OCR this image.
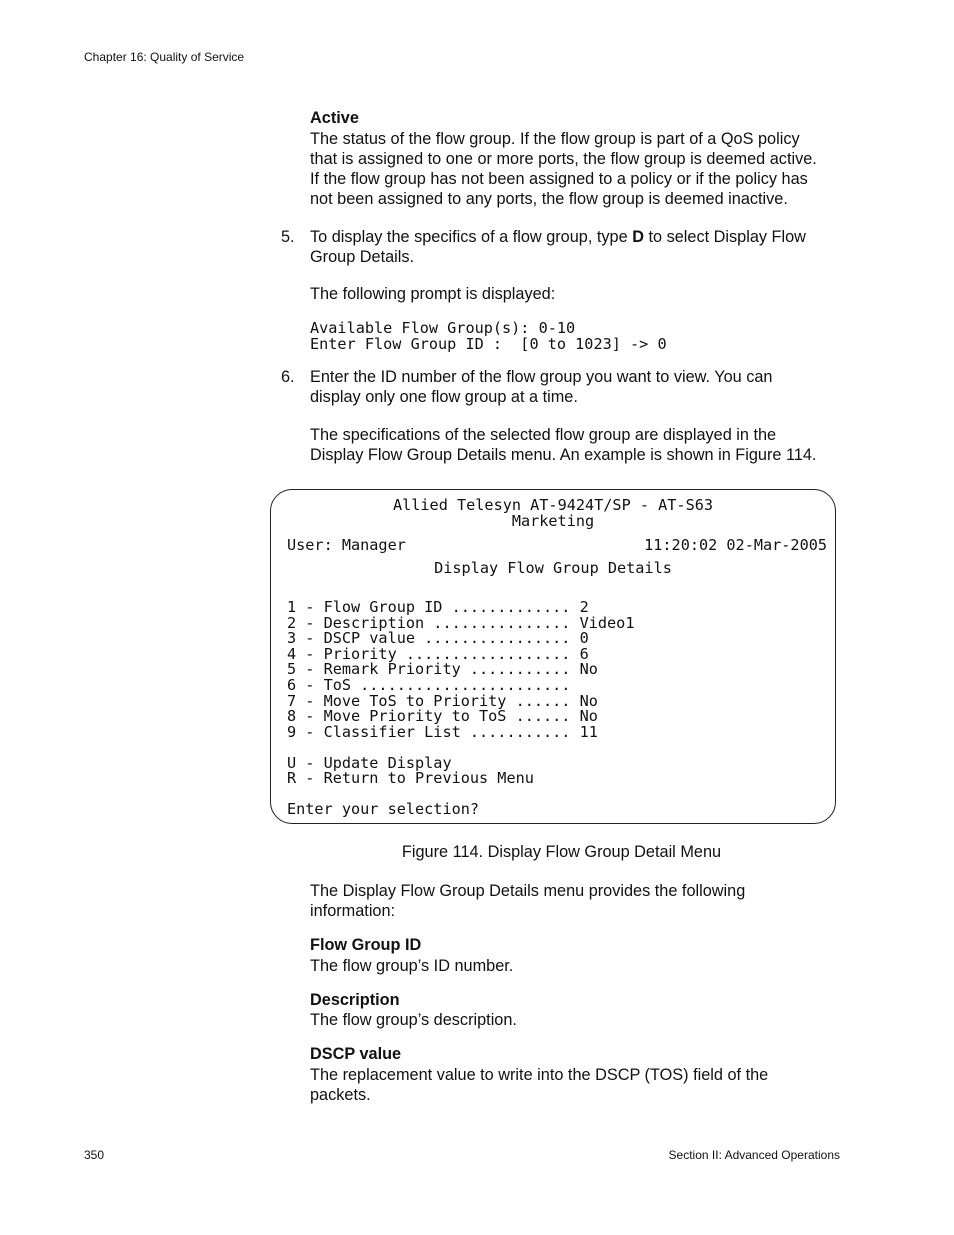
Chapter 16: Quality of Service
Active
The status of the flow group. If the flow group is part of a QoS policy
that is assigned to one or more ports, the flow group is deemed active.
If the flow group has not been assigned to a policy or if the policy has
not been assigned to any ports, the flow group is deemed inactive.
5. To display the specifics of a flow group, type D to select Display Flow
Group Details.
The following prompt is displayed:
Available Flow Group(s): 0-10
Enter Flow Group ID :  [0 to 1023] -> 0
6. Enter the ID number of the flow group you want to view. You can
display only one flow group at a time.
The specifications of the selected flow group are displayed in the
Display Flow Group Details menu. An example is shown in Figure 114.
Allied Telesyn AT-9424T/SP - AT-S63
Marketing
User: Manager	11:20:02 02-Mar-2005
Display Flow Group Details
1 - Flow Group ID ............. 2
2 - Description ............... Video1
3 - DSCP value ................ 0
4 - Priority .................. 6
5 - Remark Priority ........... No
6 - ToS .......................
7 - Move ToS to Priority ...... No
8 - Move Priority to ToS ...... No
9 - Classifier List ........... 11
U - Update Display
R - Return to Previous Menu
Enter your selection?
Figure 114. Display Flow Group Detail Menu
The Display Flow Group Details menu provides the following
information:
Flow Group ID
The flow group’s ID number.
Description
The flow group’s description.
DSCP value
The replacement value to write into the DSCP (TOS) field of the
packets.
350	Section II: Advanced Operations
